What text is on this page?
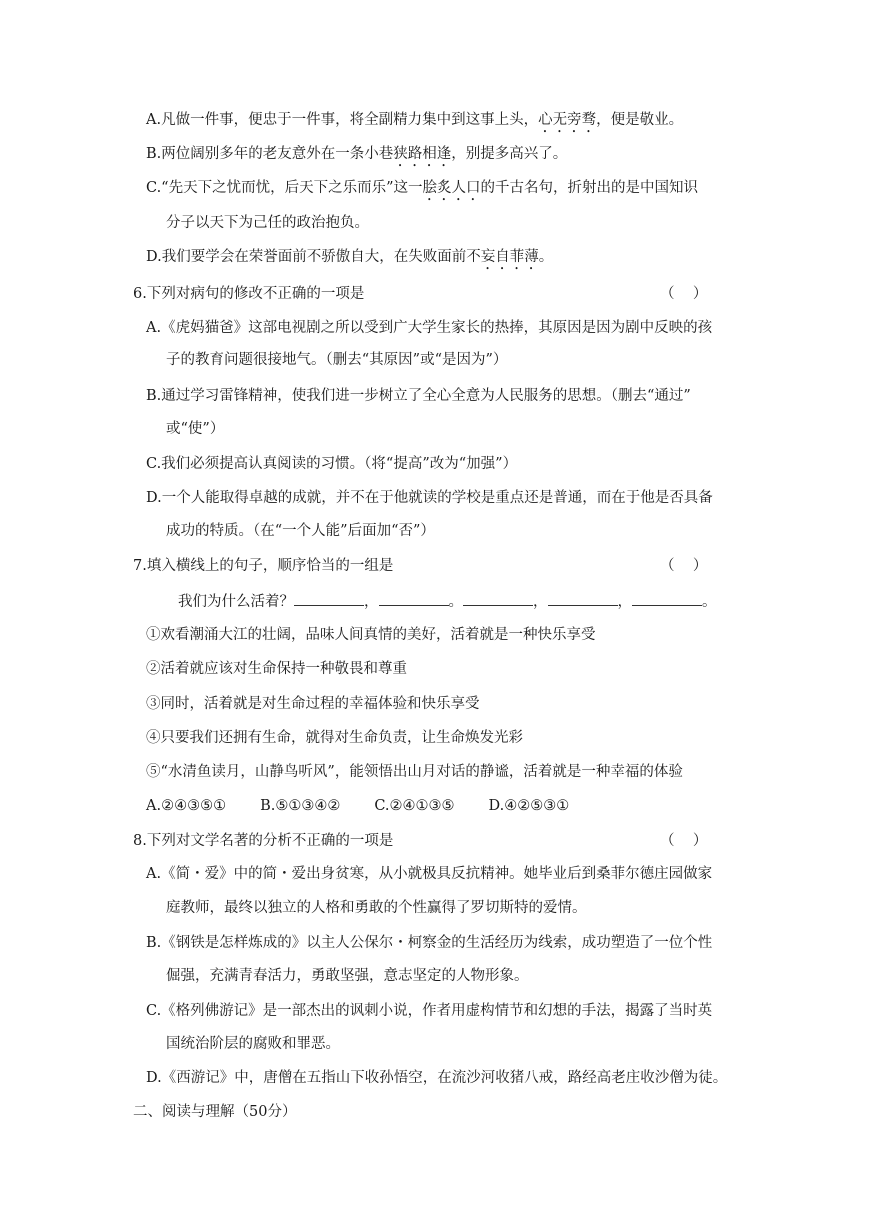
A.凡做一件事，便忠于一件事，将全副精力集中到这事上头，心无旁骛，便是敬业。
B.两位阔别多年的老友意外在一条小巷狭路相逢，别提多高兴了。
C.“先天下之忧而忧，后天下之乐而乐”这一脍炙人口的千古名句，折射出的是中国知识
分子以天下为己任的政治抱负。
D.我们要学会在荣誉面前不骄傲自大，在失败面前不妄自菲薄。
6.下列对病句的修改不正确的一项是	（    ）
A.《虎妈猫爸》这部电视剧之所以受到广大学生家长的热捧，其原因是因为剧中反映的孩
子的教育问题很接地气。（删去“其原因”或“是因为”）
B.通过学习雷锋精神，使我们进一步树立了全心全意为人民服务的思想。（删去“通过”
或“使”）
C.我们必须提高认真阅读的习惯。（将“提高”改为“加强”）
D.一个人能取得卓越的成就，并不在于他就读的学校是重点还是普通，而在于他是否具备
成功的特质。（在“一个人能”后面加“否”）
7.填入横线上的句子，顺序恰当的一组是	（    ）
我们为什么活着？	，	。	，	，	。
①欢看潮涌大江的壮阔，品味人间真情的美好，活着就是一种快乐享受
②活着就应该对生命保持一种敬畏和尊重
③同时，活着就是对生命过程的幸福体验和快乐享受
④只要我们还拥有生命，就得对生命负责，让生命焕发光彩
⑤“水清鱼读月，山静鸟听风”，能领悟出山月对话的静谧，活着就是一种幸福的体验
A.②④③⑤① B.⑤①③④② C.②④①③⑤ D.④②⑤③①
8.下列对文学名著的分析不正确的一项是	（    ）
A.《简・爱》中的简・爱出身贫寒，从小就极具反抗精神。她毕业后到桑菲尔德庄园做家
庭教师，最终以独立的人格和勇敢的个性赢得了罗切斯特的爱情。
B.《钢铁是怎样炼成的》以主人公保尔・柯察金的生活经历为线索，成功塑造了一位个性
倔强，充满青春活力，勇敢坚强，意志坚定的人物形象。
C.《格列佛游记》是一部杰出的讽刺小说，作者用虚构情节和幻想的手法，揭露了当时英
国统治阶层的腐败和罪恶。
D.《西游记》中，唐僧在五指山下收孙悟空，在流沙河收猪八戒，路经高老庄收沙僧为徒。
二、阅读与理解（50分）
